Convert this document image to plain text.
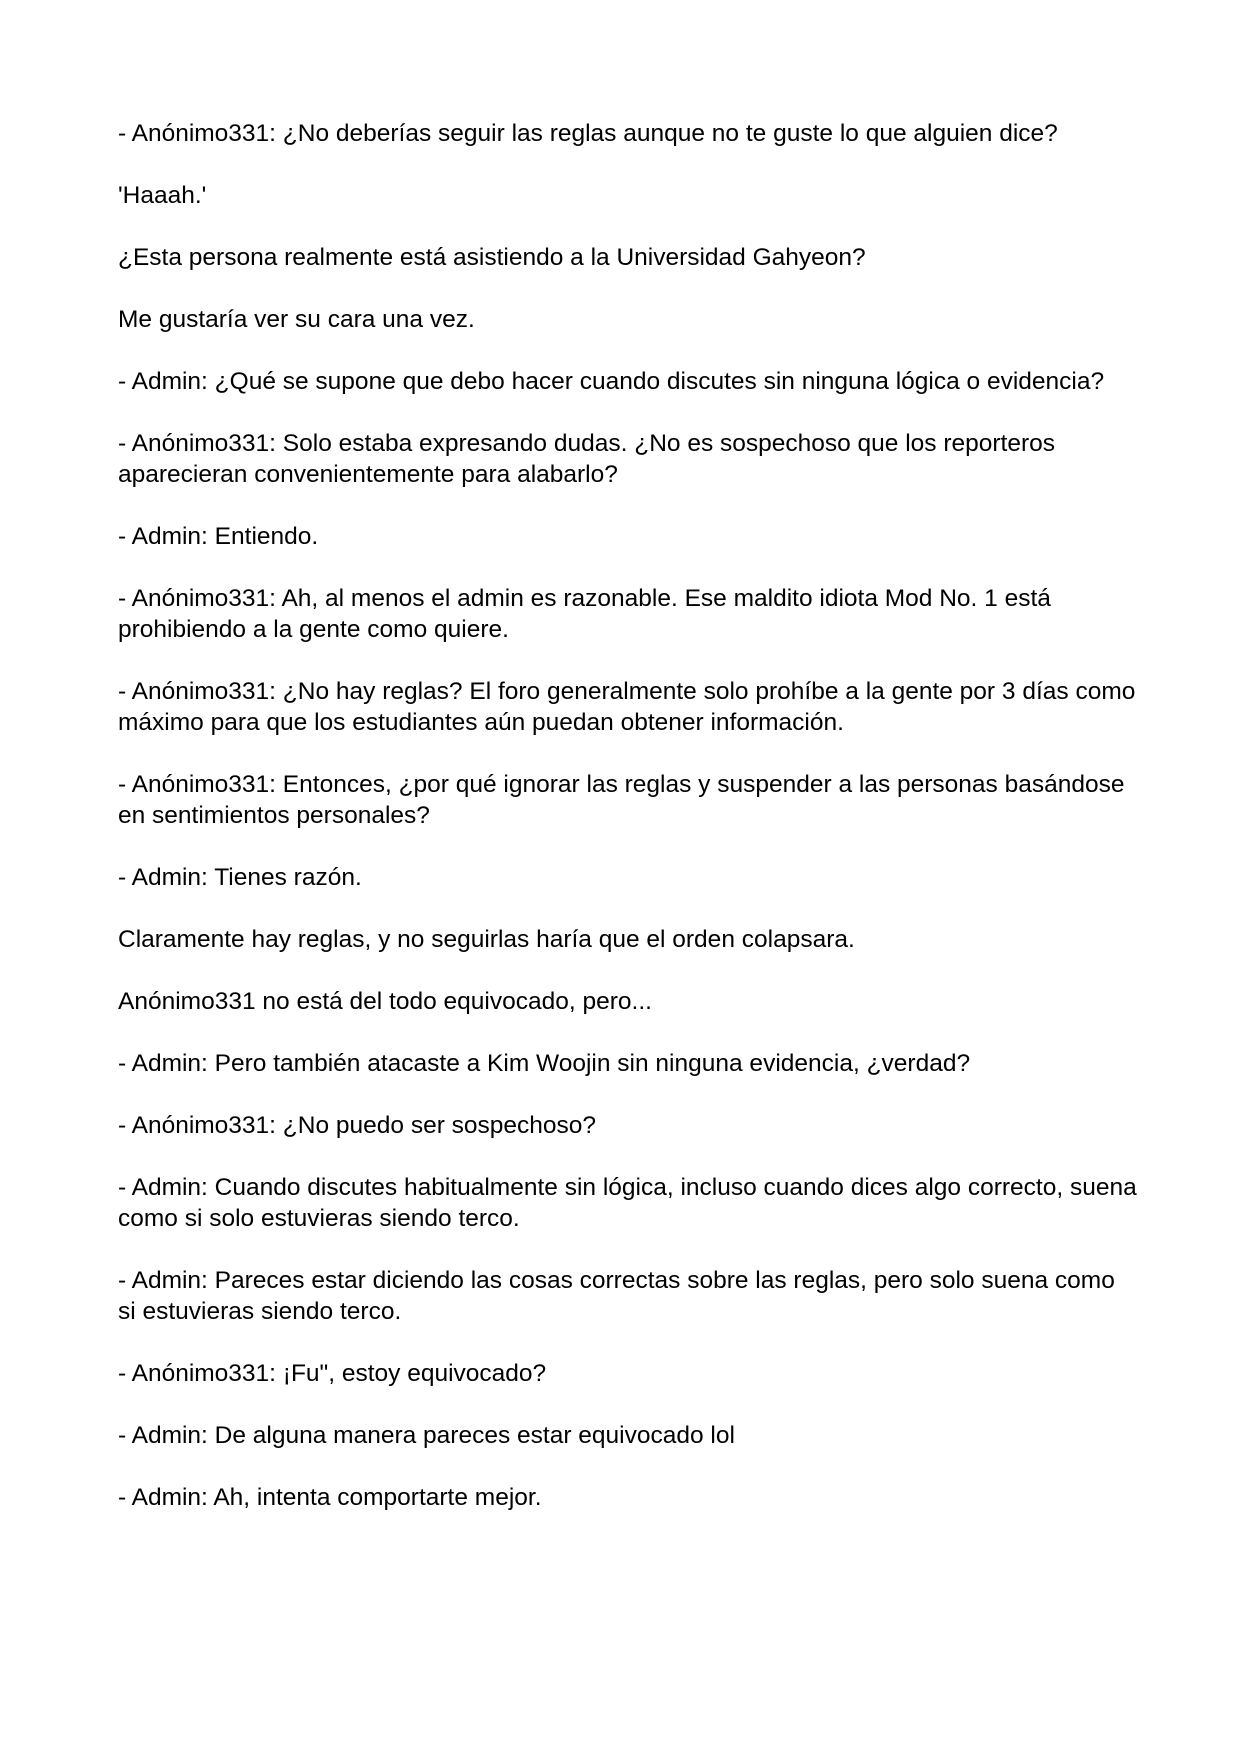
- Anónimo331: ¿No deberías seguir las reglas aunque no te guste lo que alguien dice?

'Haaah.'

¿Esta persona realmente está asistiendo a la Universidad Gahyeon?

Me gustaría ver su cara una vez.

- Admin: ¿Qué se supone que debo hacer cuando discutes sin ninguna lógica o evidencia?

- Anónimo331: Solo estaba expresando dudas. ¿No es sospechoso que los reporteros aparecieran convenientemente para alabarlo?

- Admin: Entiendo.

- Anónimo331: Ah, al menos el admin es razonable. Ese maldito idiota Mod No. 1 está prohibiendo a la gente como quiere.

- Anónimo331: ¿No hay reglas? El foro generalmente solo prohíbe a la gente por 3 días como máximo para que los estudiantes aún puedan obtener información.

- Anónimo331: Entonces, ¿por qué ignorar las reglas y suspender a las personas basándose en sentimientos personales?

- Admin: Tienes razón.

Claramente hay reglas, y no seguirlas haría que el orden colapsara.

Anónimo331 no está del todo equivocado, pero...

- Admin: Pero también atacaste a Kim Woojin sin ninguna evidencia, ¿verdad?

- Anónimo331: ¿No puedo ser sospechoso?

- Admin: Cuando discutes habitualmente sin lógica, incluso cuando dices algo correcto, suena como si solo estuvieras siendo terco.

- Admin: Pareces estar diciendo las cosas correctas sobre las reglas, pero solo suena como si estuvieras siendo terco.

- Anónimo331: ¡Fu", estoy equivocado?

- Admin: De alguna manera pareces estar equivocado lol

- Admin: Ah, intenta comportarte mejor.
